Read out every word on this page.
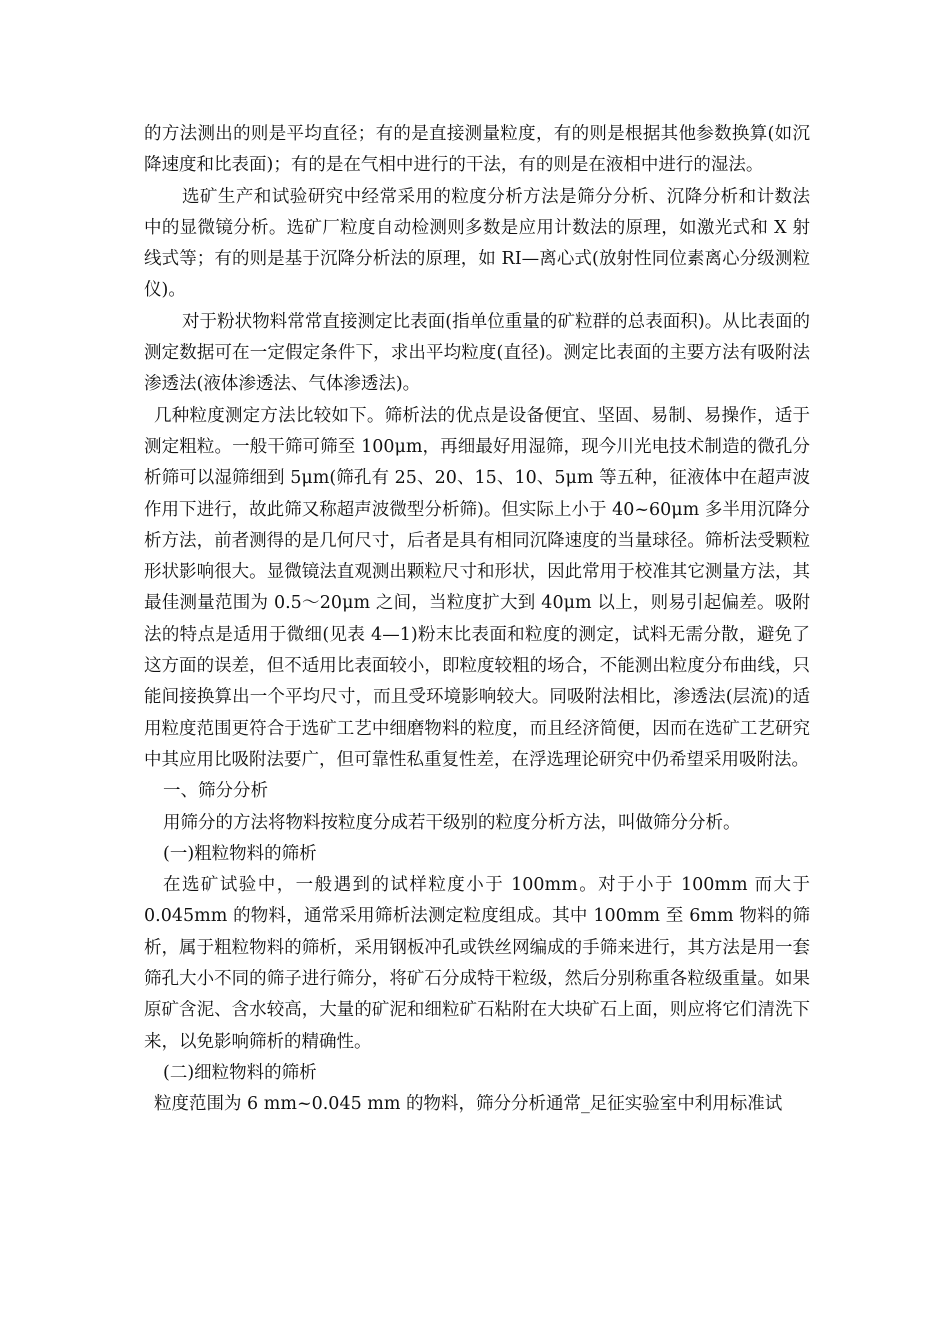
的方法测出的则是平均直径；有的是直接测量粒度，有的则是根据其他参数换算(如沉降速度和比表面)；有的是在气相中进行的干法，有的则是在液相中进行的湿法。

选矿生产和试验研究中经常采用的粒度分析方法是筛分分析、沉降分析和计数法中的显微镜分析。选矿厂粒度自动检测则多数是应用计数法的原理，如激光式和 X 射线式等；有的则是基于沉降分析法的原理，如 RI—离心式(放射性同位素离心分级测粒仪)。

对于粉状物料常常直接测定比表面(指单位重量的矿粒群的总表面积)。从比表面的测定数据可在一定假定条件下，求出平均粒度(直径)。测定比表面的主要方法有吸附法渗透法(液体渗透法、气体渗透法)。

几种粒度测定方法比较如下。筛析法的优点是设备便宜、坚固、易制、易操作，适于测定粗粒。一般干筛可筛至 100μm，再细最好用湿筛，现今川光电技术制造的微孔分析筛可以湿筛细到 5μm(筛孔有 25、20、15、10、5μm 等五种，征液体中在超声波作用下进行，故此筛又称超声波微型分析筛)。但实际上小于 40~60μm 多半用沉降分析方法，前者测得的是几何尺寸，后者是具有相同沉降速度的当量球径。筛析法受颗粒形状影响很大。显微镜法直观测出颗粒尺寸和形状，因此常用于校准其它测量方法，其最佳测量范围为 0.5～20μm 之间，当粒度扩大到 40μm 以上，则易引起偏差。吸附法的特点是适用于微细(见表 4—1)粉末比表面和粒度的测定，试料无需分散，避免了这方面的误差，但不适用比表面较小，即粒度较粗的场合，不能测出粒度分布曲线，只能间接换算出一个平均尺寸，而且受环境影响较大。同吸附法相比，渗透法(层流)的适用粒度范围更符合于选矿工艺中细磨物料的粒度，而且经济简便，因而在选矿工艺研究中其应用比吸附法要广，但可靠性私重复性差，在浮选理论研究中仍希望采用吸附法。

一、筛分分析

用筛分的方法将物料按粒度分成若干级别的粒度分析方法，叫做筛分分析。

(一)粗粒物料的筛析

在选矿试验中，一般遇到的试样粒度小于 100mm。对于小于 100mm 而大于 0.045mm 的物料，通常采用筛析法测定粒度组成。其中 100mm 至 6mm 物料的筛析，属于粗粒物料的筛析，采用钢板冲孔或铁丝网编成的手筛来进行，其方法是用一套筛孔大小不同的筛子进行筛分，将矿石分成特干粒级，然后分别称重各粒级重量。如果原矿含泥、含水较高，大量的矿泥和细粒矿石粘附在大块矿石上面，则应将它们清洗下来，以免影响筛析的精确性。

(二)细粒物料的筛析

粒度范围为 6 mm~0.045 mm 的物料，筛分分析通常_足征实验室中利用标准试
